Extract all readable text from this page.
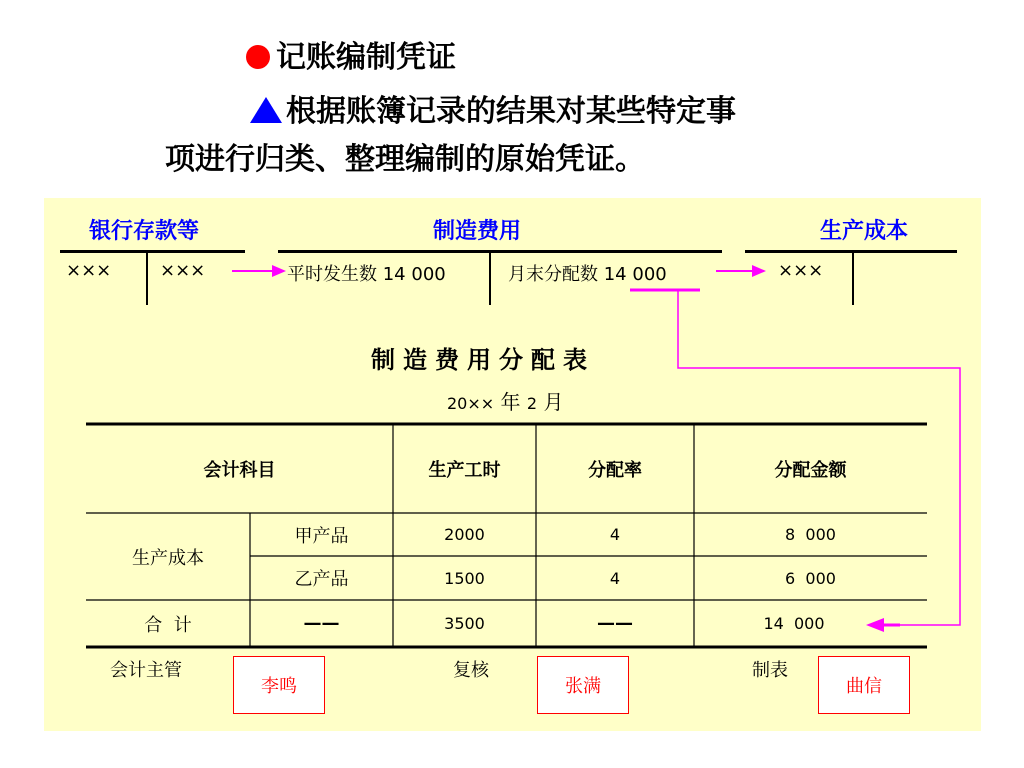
记账编制凭证
根据账簿记录的结果对某些特定事
项进行归类、整理编制的原始凭证。
银行存款等	制造费用	生产成本
×××	×××	平时发生数 14 000	月末分配数 14 000	×××
制造费用分配表
20×× 年 2 月
会计科目	生产工时	分配率	分配金额
生产成本
甲产品	2000	4	8  000
乙产品	1500	4	6  000
合  计	——	3500	——	14  000
会计主管
李鸣
复核
张满
制表
曲信
